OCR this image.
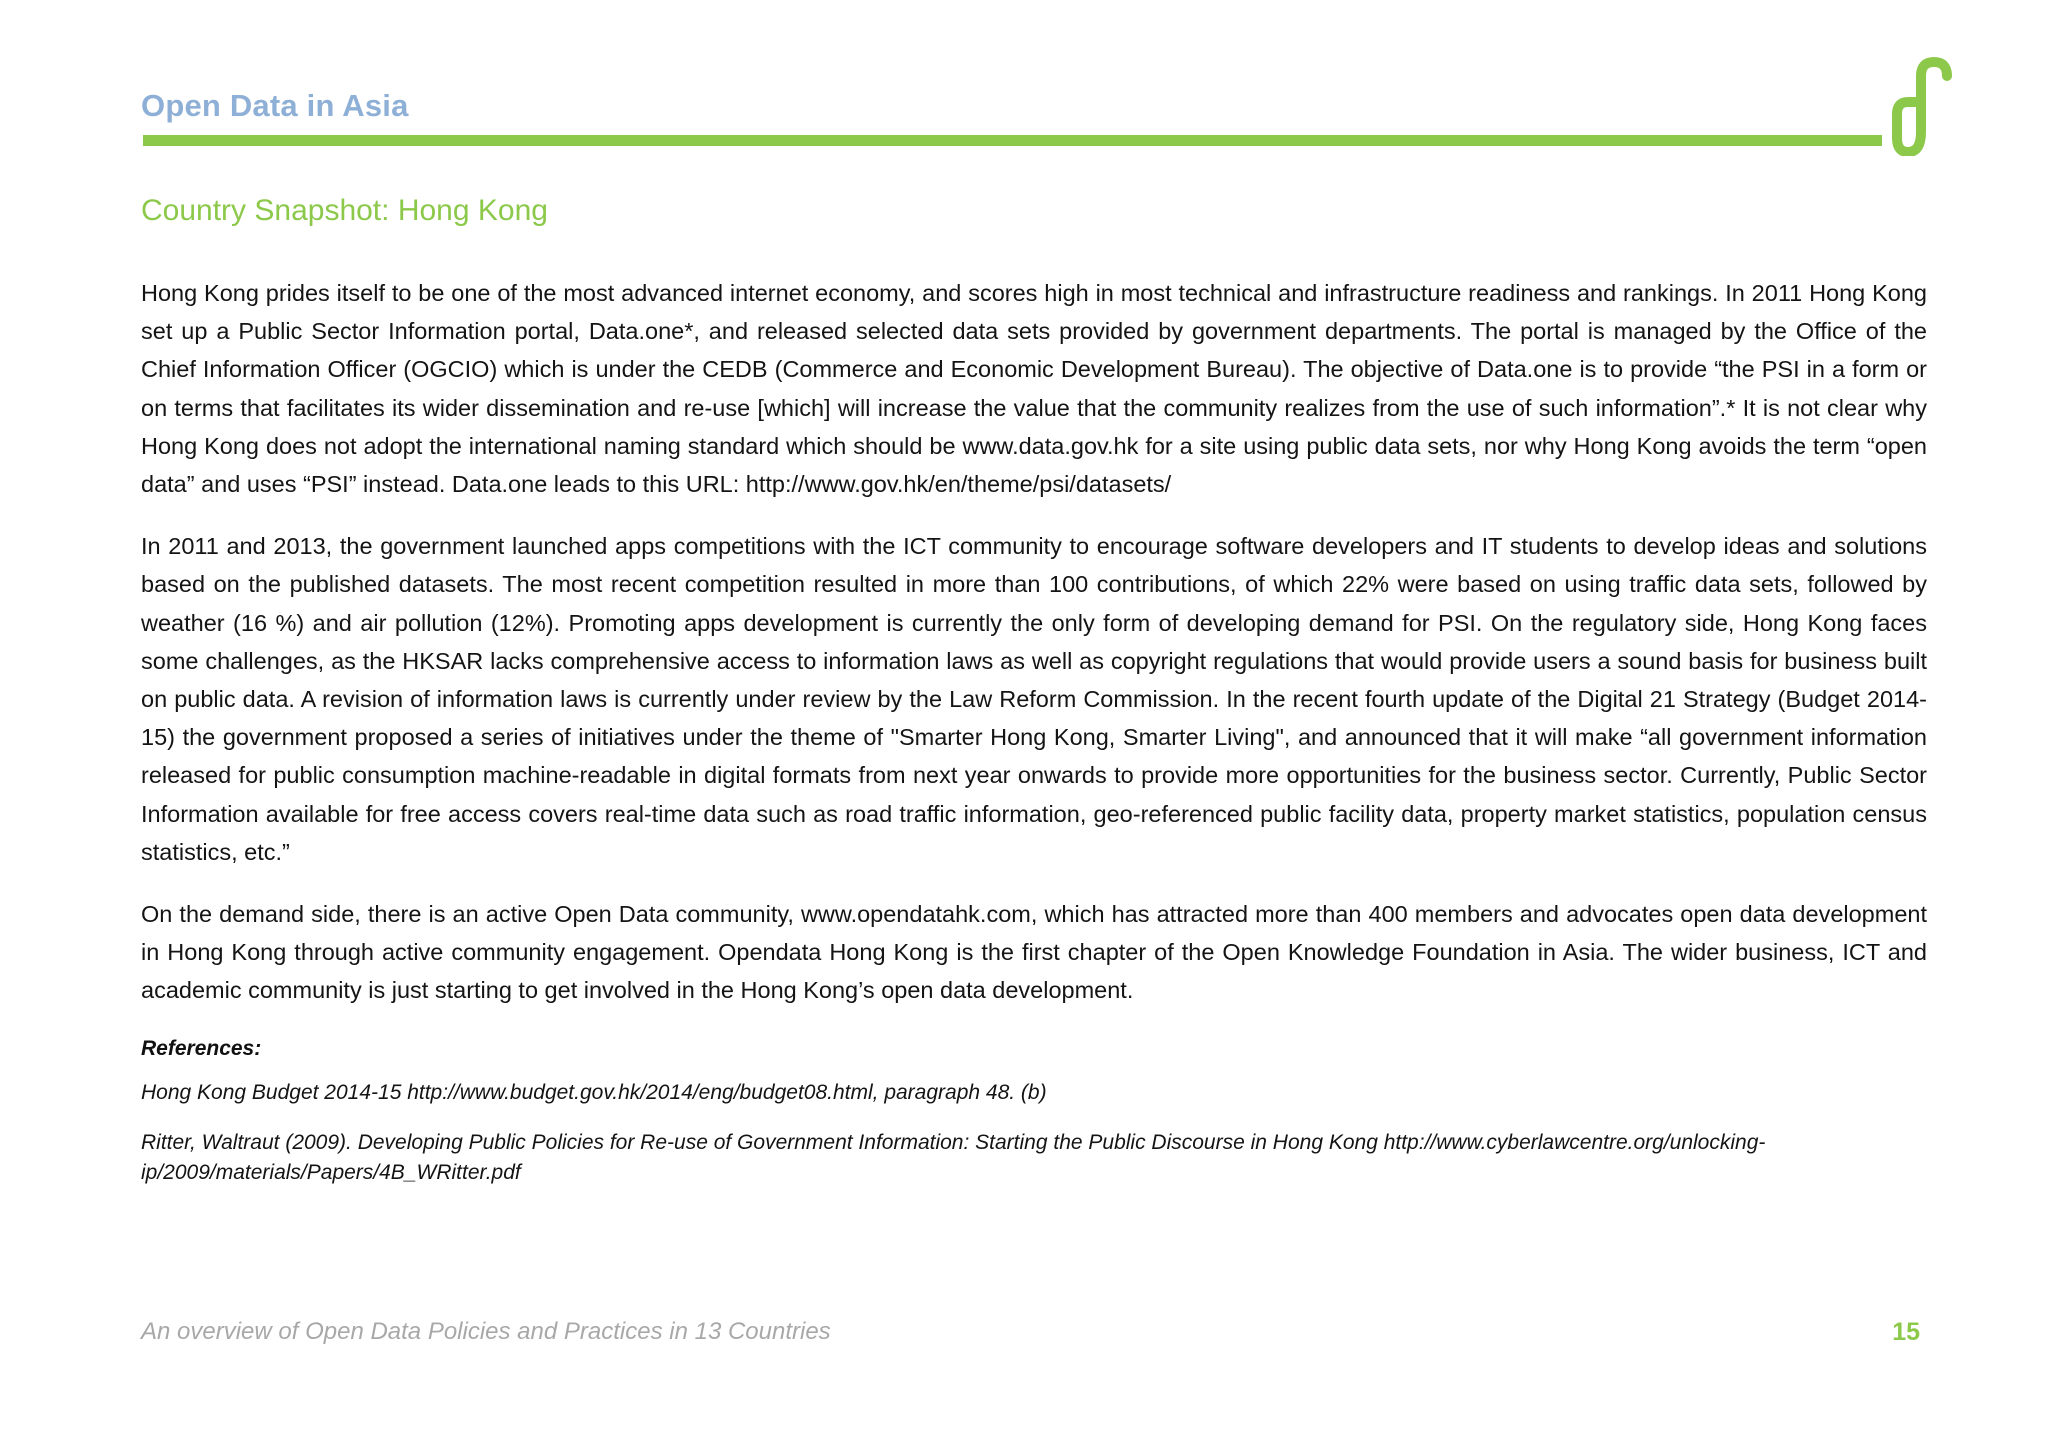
Open Data in Asia
Country Snapshot: Hong Kong

Hong Kong prides itself to be one of the most advanced internet economy, and scores high in most technical and infrastructure readiness and rankings. In 2011 Hong Kong set up a Public Sector Information portal, Data.one*, and released selected data sets provided by government departments. The portal is managed by the Office of the Chief Information Officer (OGCIO) which is under the CEDB (Commerce and Economic Development Bureau). The objective of Data.one is to provide “the PSI in a form or on terms that facilitates its wider dissemination and re-use [which] will increase the value that the community realizes from the use of such information”.* It is not clear why Hong Kong does not adopt the international naming standard which should be www.data.gov.hk for a site using public data sets, nor why Hong Kong avoids the term “open data” and uses “PSI” instead. Data.one leads to this URL: http://www.gov.hk/en/theme/psi/datasets/

In 2011 and 2013, the government launched apps competitions with the ICT community to encourage software developers and IT students to develop ideas and solutions based on the published datasets. The most recent competition resulted in more than 100 contributions, of which 22% were based on using traffic data sets, followed by weather (16 %) and air pollution (12%). Promoting apps development is currently the only form of developing demand for PSI. On the regulatory side, Hong Kong faces some challenges, as the HKSAR lacks comprehensive access to information laws as well as copyright regulations that would provide users a sound basis for business built on public data. A revision of information laws is currently under review by the Law Reform Commission. In the recent fourth update of the Digital 21 Strategy (Budget 2014-15) the government proposed a series of initiatives under the theme of "Smarter Hong Kong, Smarter Living", and announced that it will make “all government information released for public consumption machine-readable in digital formats from next year onwards to provide more opportunities for the business sector. Currently, Public Sector Information available for free access covers real-time data such as road traffic information, geo-referenced public facility data, property market statistics, population census statistics, etc.”

On the demand side, there is an active Open Data community, www.opendatahk.com, which has attracted more than 400 members and advocates open data development in Hong Kong through active community engagement. Opendata Hong Kong is the first chapter of the Open Knowledge Foundation in Asia. The wider business, ICT and academic community is just starting to get involved in the Hong Kong’s open data development.

References:
Hong Kong Budget 2014-15 http://www.budget.gov.hk/2014/eng/budget08.html, paragraph 48. (b)
Ritter, Waltraut (2009). Developing Public Policies for Re-use of Government Information: Starting the Public Discourse in Hong Kong http://www.cyberlawcentre.org/unlocking-ip/2009/materials/Papers/4B_WRitter.pdf
An overview of Open Data Policies and Practices in 13 Countries	15
